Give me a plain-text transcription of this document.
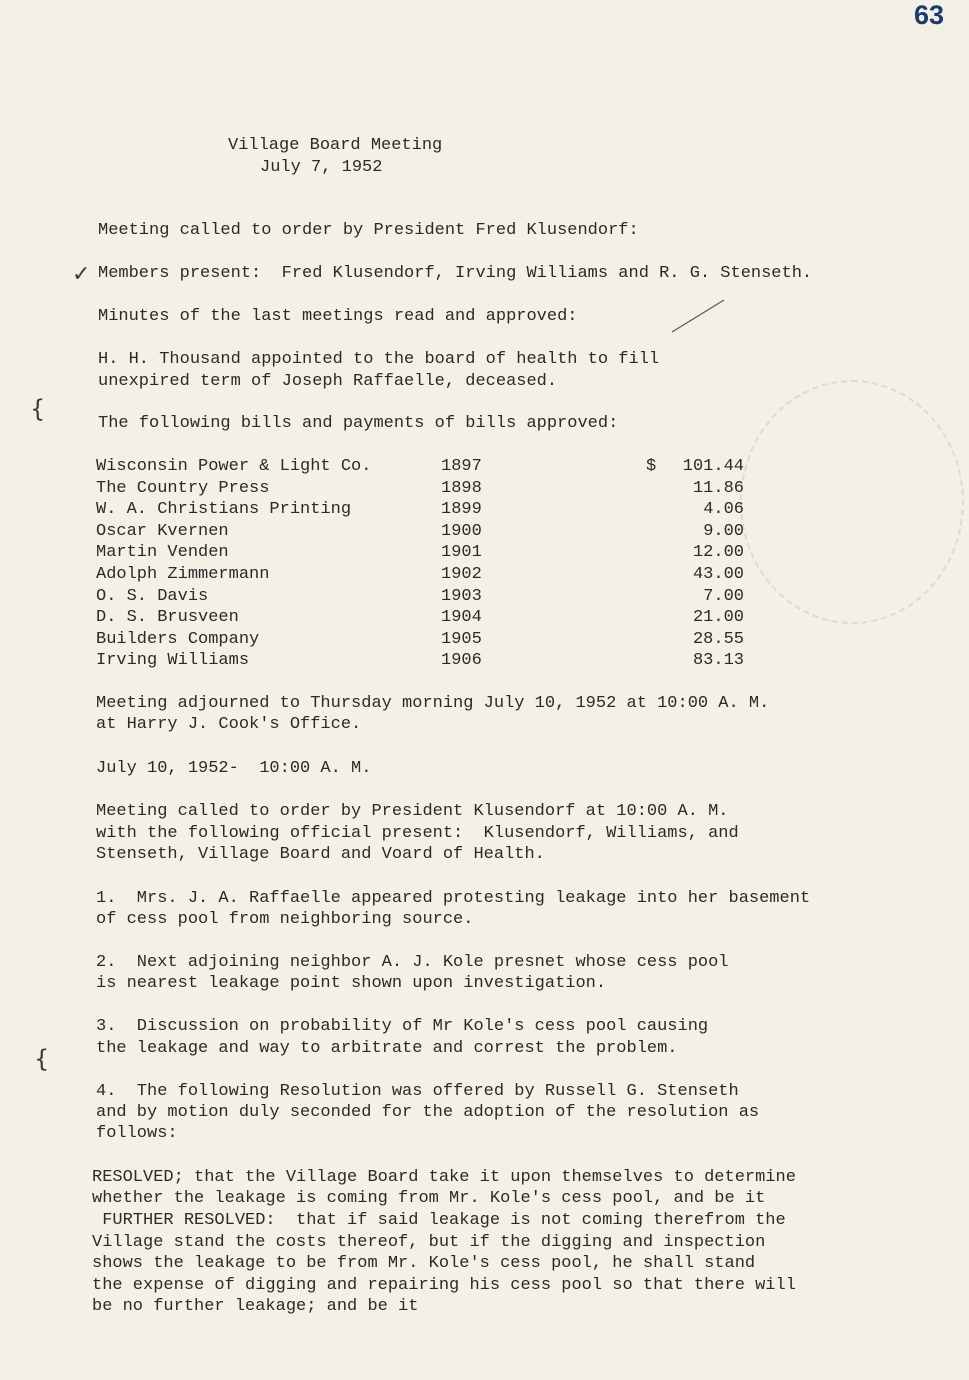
63
Village Board Meeting
July 7, 1952
Meeting called to order by President Fred Klusendorf:
✓ Members present:  Fred Klusendorf, Irving Williams and R. G. Stenseth.
Minutes of the last meetings read and approved:
H. H. Thousand appointed to the board of health to fill
unexpired term of Joseph Raffaelle, deceased.
{
The following bills and payments of bills approved:
Wisconsin Power & Light Co.	1897	$	101.44
The Country Press	1898	11.86
W. A. Christians Printing	1899	4.06
Oscar Kvernen	1900	9.00
Martin Venden	1901	12.00
Adolph Zimmermann	1902	43.00
O. S. Davis	1903	7.00
D. S. Brusveen	1904	21.00
Builders Company	1905	28.55
Irving Williams	1906	83.13
Meeting adjourned to Thursday morning July 10, 1952 at 10:00 A. M.
at Harry J. Cook's Office.
July 10, 1952-  10:00 A. M.
Meeting called to order by President Klusendorf at 10:00 A. M.
with the following official present:  Klusendorf, Williams, and
Stenseth, Village Board and Voard of Health.
1.  Mrs. J. A. Raffaelle appeared protesting leakage into her basement
of cess pool from neighboring source.
2.  Next adjoining neighbor A. J. Kole presnet whose cess pool
is nearest leakage point shown upon investigation.
{
3.  Discussion on probability of Mr Kole's cess pool causing
the leakage and way to arbitrate and correst the problem.
4.  The following Resolution was offered by Russell G. Stenseth
and by motion duly seconded for the adoption of the resolution as
follows:
RESOLVED; that the Village Board take it upon themselves to determine
whether the leakage is coming from Mr. Kole's cess pool, and be it
FURTHER RESOLVED:  that if said leakage is not coming therefrom the
Village stand the costs thereof, but if the digging and inspection
shows the leakage to be from Mr. Kole's cess pool, he shall stand
the expense of digging and repairing his cess pool so that there will
be no further leakage; and be it
